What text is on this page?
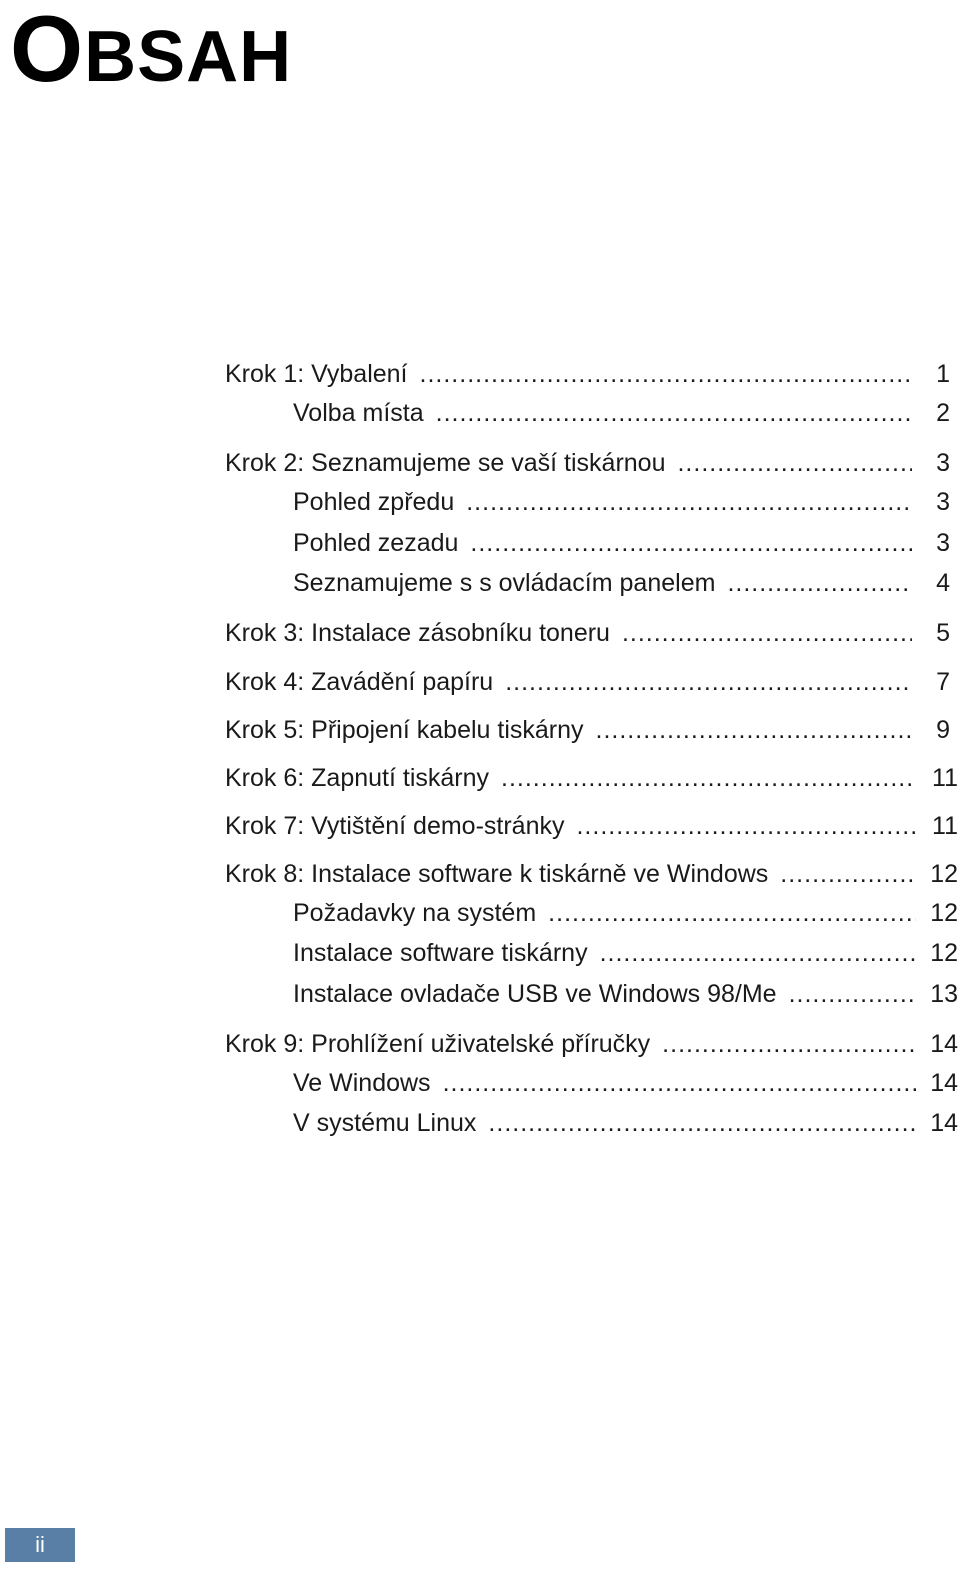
OBSAH
Krok 1: Vybalení .....	1
Volba místa .....	2
Krok 2: Seznamujeme se vaší tiskárnou .....	3
Pohled zpředu .....	3
Pohled zezadu .....	3
Seznamujeme s s ovládacím panelem .....	4
Krok 3: Instalace zásobníku toneru .....	5
Krok 4: Zavádění papíru .....	7
Krok 5: Připojení kabelu tiskárny .....	9
Krok 6: Zapnutí tiskárny .....	11
Krok 7: Vytištění demo-stránky .....	11
Krok 8: Instalace software k tiskárně ve Windows .....	12
Požadavky na systém .....	12
Instalace software tiskárny .....	12
Instalace ovladače USB ve Windows 98/Me .....	13
Krok 9: Prohlížení uživatelské příručky .....	14
Ve Windows .....	14
V systému Linux .....	14
ii
